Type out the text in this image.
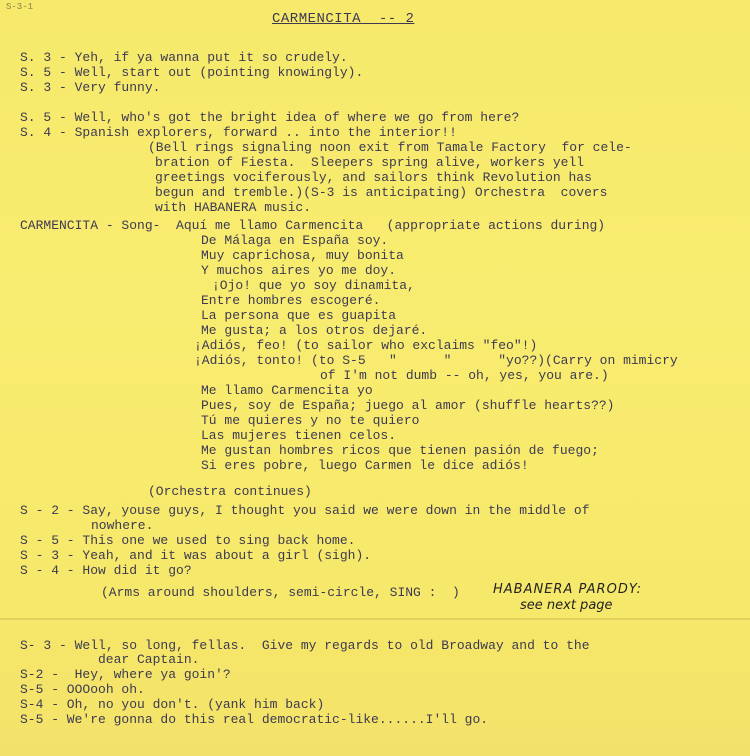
S-3-1
CARMENCITA  -- 2
S. 3 - Yeh, if ya wanna put it so crudely.
S. 5 - Well, start out (pointing knowingly).
S. 3 - Very funny.
S. 5 - Well, who's got the bright idea of where we go from here?
S. 4 - Spanish explorers, forward .. into the interior!!
(Bell rings signaling noon exit from Tamale Factory  for cele-
bration of Fiesta.  Sleepers spring alive, workers yell
greetings vociferously, and sailors think Revolution has
begun and tremble.)(S-3 is anticipating) Orchestra  covers
with HABANERA music.
CARMENCITA - Song-  Aquí me llamo Carmencita   (appropriate actions during)
De Málaga en España soy.
Muy caprichosa, muy bonita
Y muchos aires yo me doy.
¡Ojo! que yo soy dinamita,
Entre hombres escogeré.
La persona que es guapita
Me gusta; a los otros dejaré.
¡Adiós, feo! (to sailor who exclaims "feo"!)
¡Adiós, tonto! (to S-5   "      "      "yo??)(Carry on mimicry
of I'm not dumb -- oh, yes, you are.)
Me llamo Carmencita yo
Pues, soy de España; juego al amor (shuffle hearts??)
Tú me quieres y no te quiero
Las mujeres tienen celos.
Me gustan hombres ricos que tienen pasión de fuego;
Si eres pobre, luego Carmen le dice adiós!
(Orchestra continues)
S - 2 - Say, youse guys, I thought you said we were down in the middle of
nowhere.
S - 5 - This one we used to sing back home.
S - 3 - Yeah, and it was about a girl (sigh).
S - 4 - How did it go?
(Arms around shoulders, semi-circle, SING :  )
S- 3 - Well, so long, fellas.  Give my regards to old Broadway and to the
dear Captain.
S-2 -  Hey, where ya goin'?
S-5 - OOOooh oh.
S-4 - Oh, no you don't. (yank him back)
S-5 - We're gonna do this real democratic-like......I'll go.
HABANERA PARODY:
see next page
